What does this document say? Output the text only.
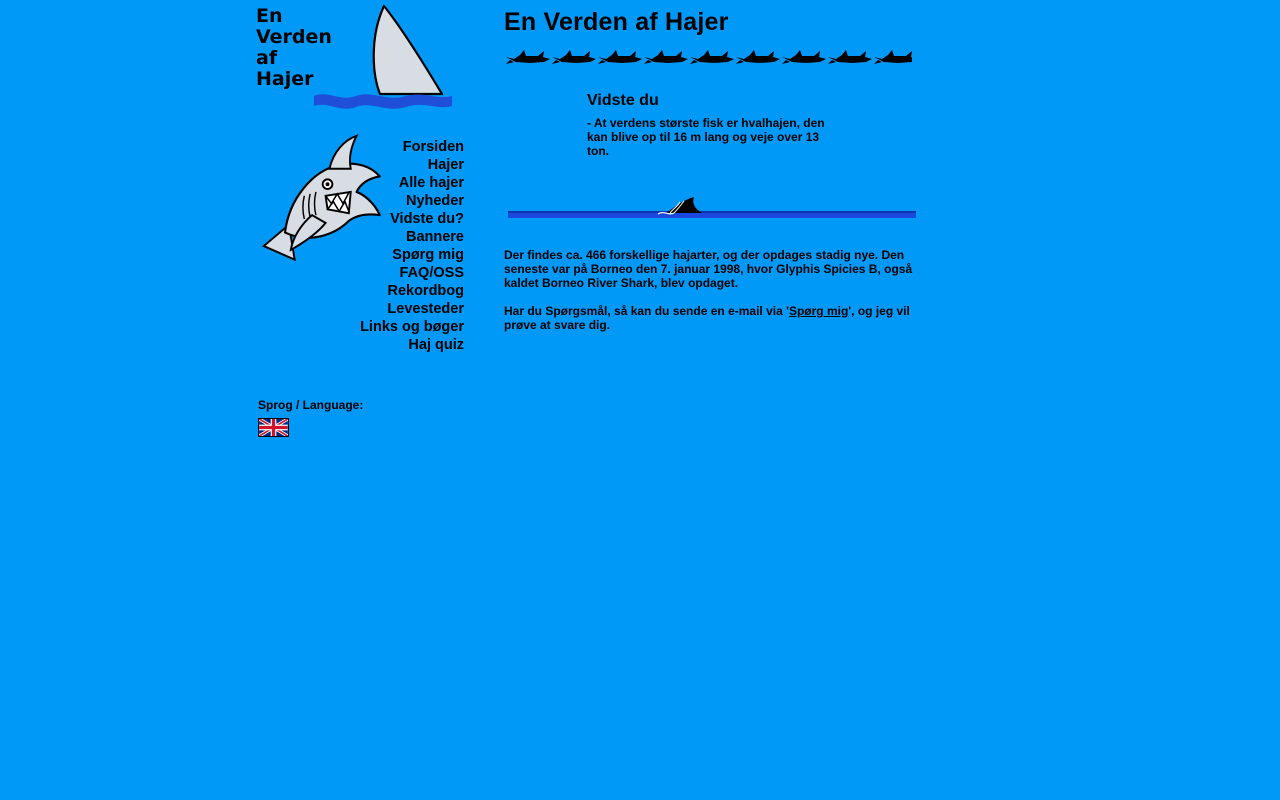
En
Verden
af
Hajer
Forsiden
Hajer
Alle hajer
Nyheder
Vidste du?
Bannere
Spørg mig
FAQ/OSS
Rekordbog
Levesteder
Links og bøger
Haj quiz
Sprog / Language:
En Verden af Hajer
Vidste du

- At verdens største fisk er hvalhajen, den kan blive op til 16 m lang og veje over 13 ton.

Der findes ca. 466 forskellige hajarter, og der opdages stadig nye. Den seneste var på Borneo den 7. januar 1998, hvor Glyphis Spicies B, også kaldet Borneo River Shark, blev opdaget.

Har du Spørgsmål, så kan du sende en e-mail via 'Spørg mig', og jeg vil prøve at svare dig.
